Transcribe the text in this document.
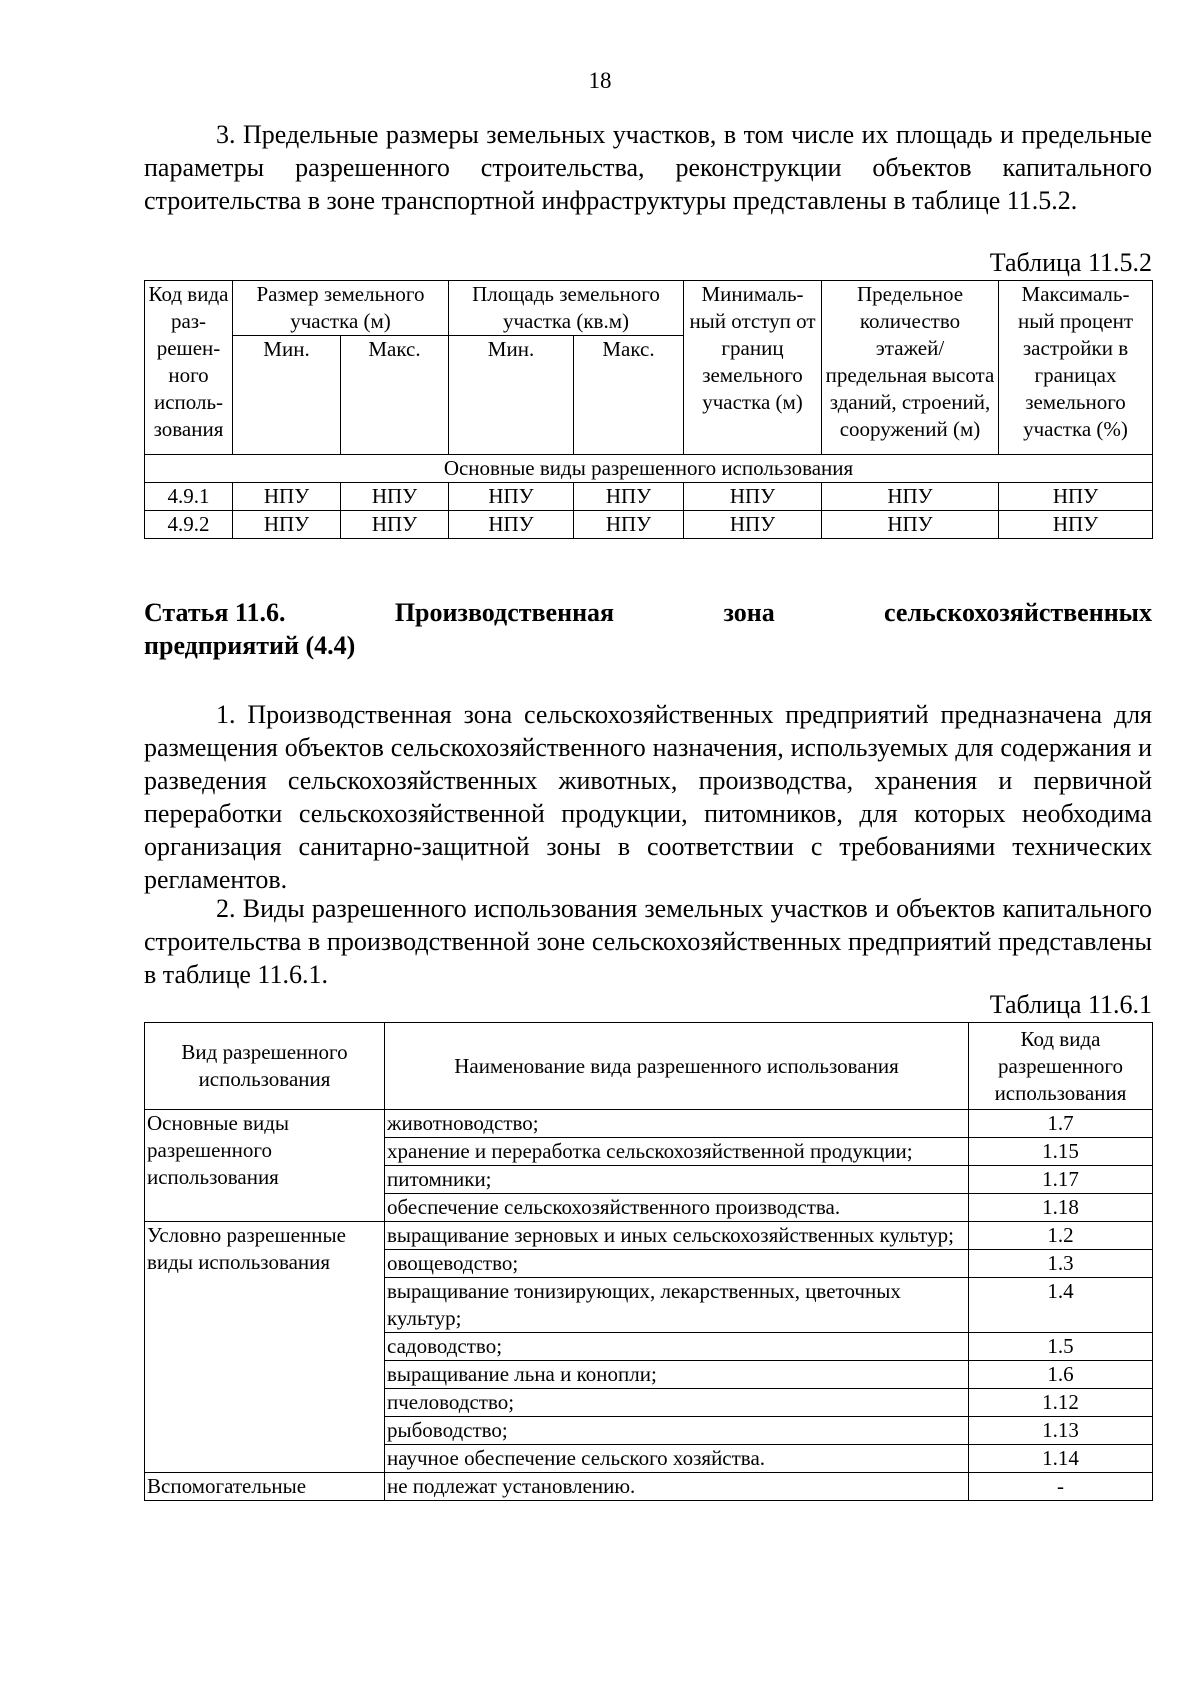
18

3. Предельные размеры земельных участков, в том числе их площадь и предельные параметры разрешенного строительства, реконструкции объектов капитального строительства в зоне транспортной инфраструктуры представлены в таблице 11.5.2.

Таблица 11.5.2
Код вида раз- решен- ного исполь- зования	Размер земельного участка (м)		Площадь земельного участка (кв.м)		Минималь- ный отступ от границ земельного участка (м)	Предельное количество этажей/ предельная высота зданий, строений, сооружений (м)	Максималь- ный процент застройки в границах земельного участка (%)
	Мин.	Макс.	Мин.	Макс.			
Основные виды разрешенного использования							
4.9.1	НПУ	НПУ	НПУ	НПУ	НПУ	НПУ	НПУ
4.9.2	НПУ	НПУ	НПУ	НПУ	НПУ	НПУ	НПУ
Статья 11.6.	Производственная	зона	сельскохозяйственных
предприятий (4.4)

1. Производственная зона сельскохозяйственных предприятий предназначена для размещения объектов сельскохозяйственного назначения, используемых для содержания и разведения сельскохозяйственных животных, производства, хранения и первичной переработки сельскохозяйственной продукции, питомников, для которых необходима организация санитарно-защитной зоны в соответствии с требованиями технических регламентов.

2. Виды разрешенного использования земельных участков и объектов капитального строительства в производственной зоне сельскохозяйственных предприятий представлены в таблице 11.6.1.

Таблица 11.6.1
Вид разрешенного использования	Наименование вида разрешенного использования	Код вида разрешенного использования
Основные виды разрешенного использования	животноводство;	1.7
	хранение и переработка сельскохозяйственной продукции;	1.15
	питомники;	1.17
	обеспечение сельскохозяйственного производства.	1.18
Условно разрешенные виды использования	выращивание зерновых и иных сельскохозяйственных культур;	1.2
	овощеводство;	1.3
	выращивание тонизирующих, лекарственных, цветочных культур;	1.4
	садоводство;	1.5
	выращивание льна и конопли;	1.6
	пчеловодство;	1.12
	рыбоводство;	1.13
	научное обеспечение сельского хозяйства.	1.14
Вспомогательные	не подлежат установлению.	-
